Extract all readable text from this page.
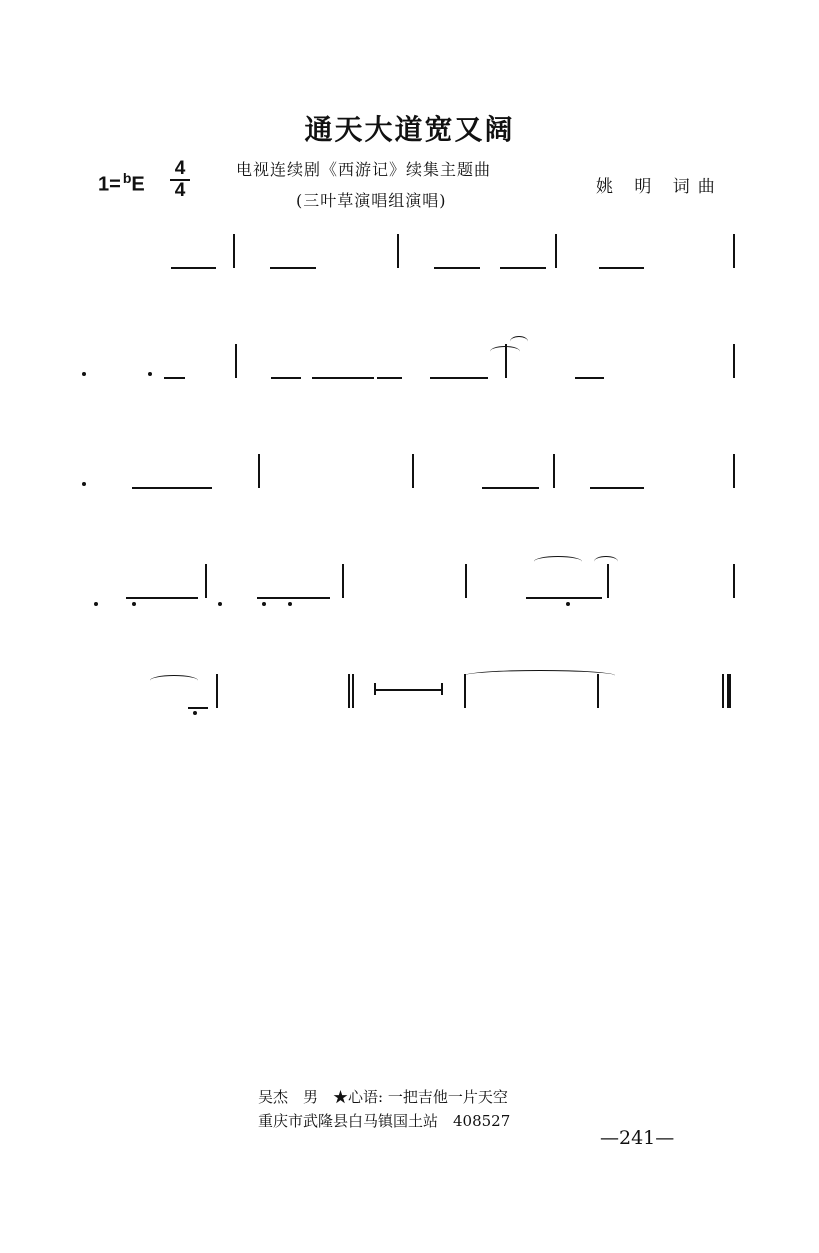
通天大道宽又阔
1= $^b$E
4
4
电视连续剧《西游记》续集主题曲
(三叶草演唱组演唱)
姚 明 词曲
吴杰　男　★心语: 一把吉他一片天空
重庆市武隆县白马镇国土站　408527
—241—
